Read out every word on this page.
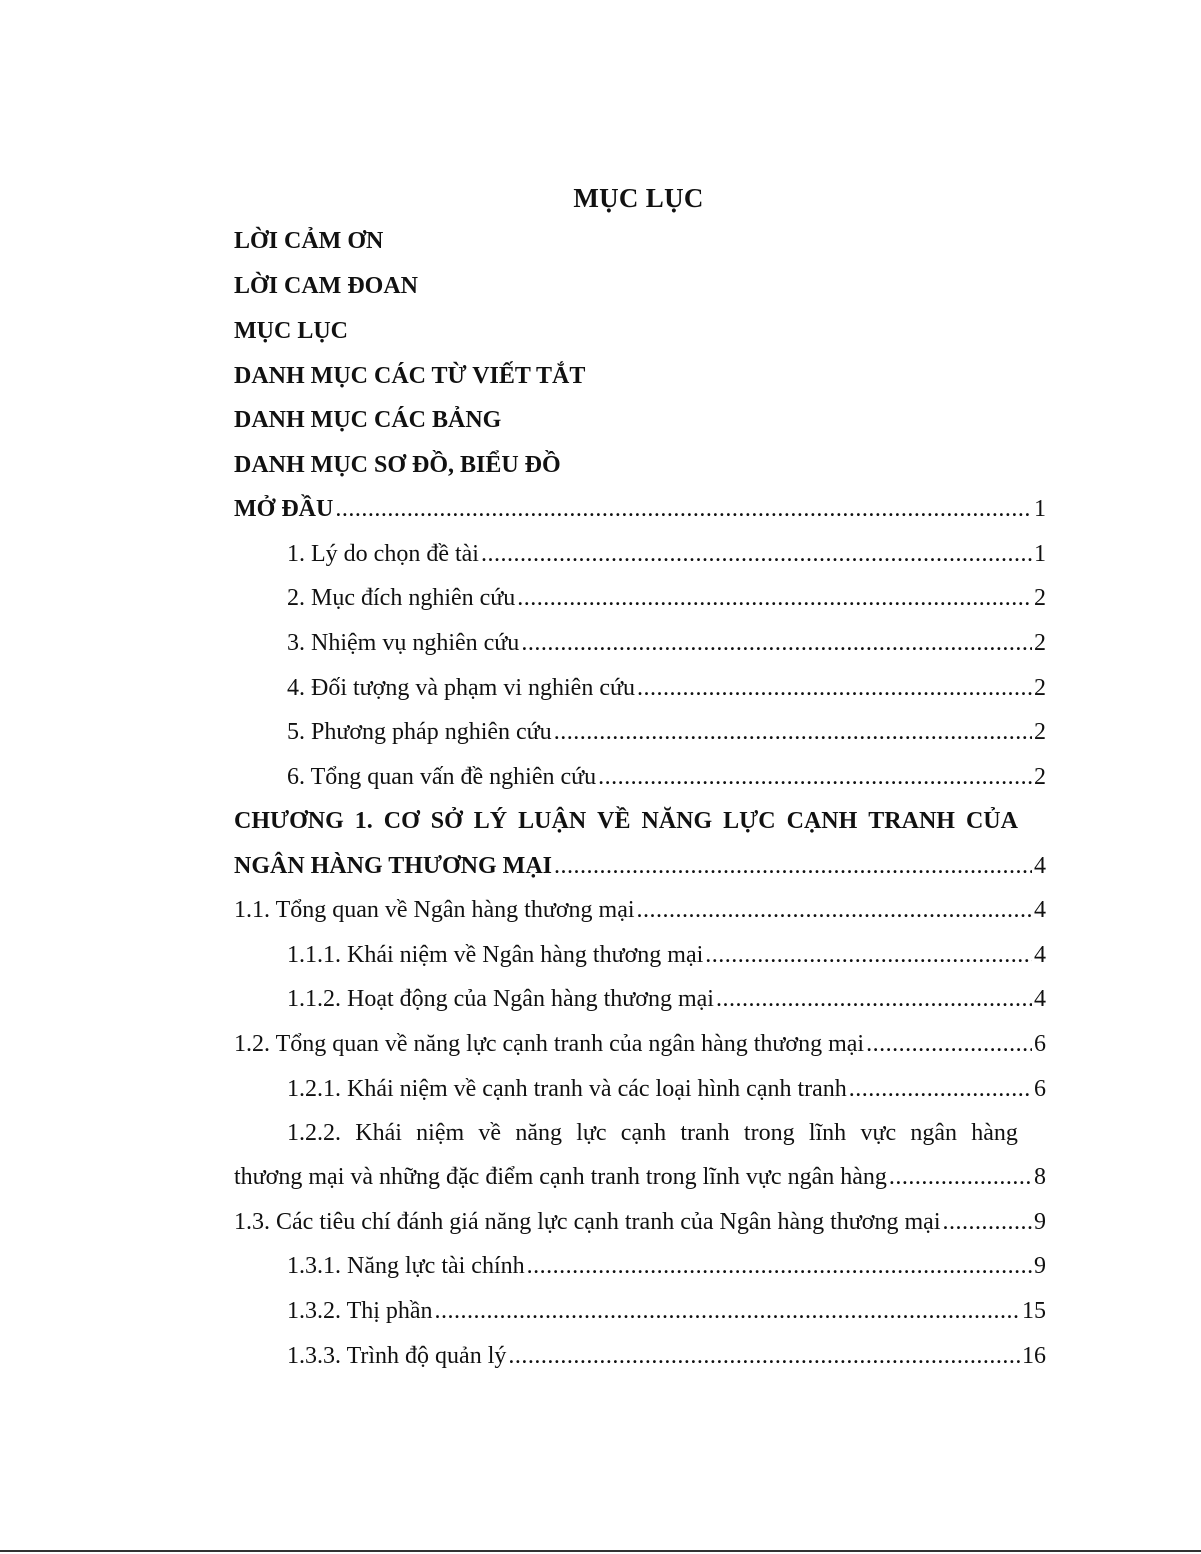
MỤC LỤC
LỜI CẢM ƠN
LỜI CAM ĐOAN
MỤC LỤC
DANH MỤC CÁC TỪ VIẾT TẮT
DANH MỤC CÁC BẢNG
DANH MỤC SƠ ĐỒ, BIỂU ĐỒ
MỞ ĐẦU .....	1
1. Lý do chọn đề tài .....	1
2. Mục đích nghiên cứu .....	2
3. Nhiệm vụ nghiên cứu .....	2
4. Đối tượng và phạm vi nghiên cứu .....	2
5. Phương pháp nghiên cứu .....	2
6. Tổng quan vấn đề nghiên cứu .....	2
CHƯƠNG 1. CƠ SỞ LÝ LUẬN VỀ NĂNG LỰC CẠNH TRANH CỦA
NGÂN HÀNG THƯƠNG MẠI .....	4
1.1. Tổng quan về Ngân hàng thương mại .....	4
1.1.1. Khái niệm về Ngân hàng thương mại .....	4
1.1.2. Hoạt động của Ngân hàng thương mại .....	4
1.2. Tổng quan về năng lực cạnh tranh của ngân hàng thương mại .....	6
1.2.1. Khái niệm về cạnh tranh và các loại hình cạnh tranh .....	6
1.2.2. Khái niệm về năng lực cạnh tranh trong lĩnh vực ngân hàng
thương mại và những đặc điểm cạnh tranh trong lĩnh vực ngân hàng .....	8
1.3. Các tiêu chí đánh giá năng lực cạnh tranh của Ngân hàng thương mại .....	9
1.3.1. Năng lực tài chính .....	9
1.3.2. Thị phần .....	15
1.3.3. Trình độ quản lý .....	16
